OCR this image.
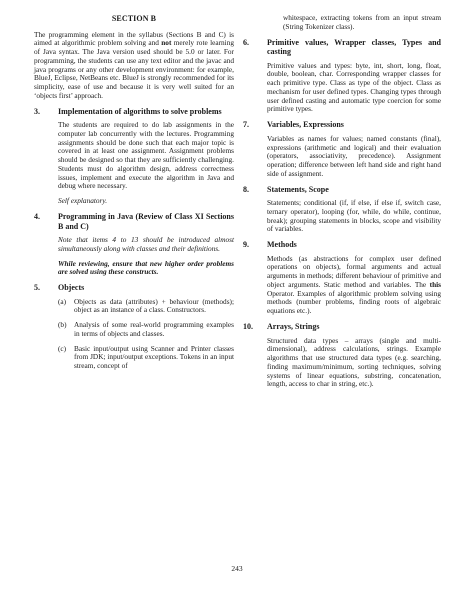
SECTION B

The programming element in the syllabus (Sections B and C) is aimed at algorithmic problem solving and not merely rote learning of Java syntax. The Java version used should be 5.0 or later. For programming, the students can use any text editor and the javac and java programs or any other development environment: for example, BlueJ, Eclipse, NetBeans etc. BlueJ is strongly recommended for its simplicity, ease of use and because it is very well suited for an ‘objects first’ approach.

3.	Implementation of algorithms to solve problems

The students are required to do lab assignments in the computer lab concurrently with the lectures. Programming assignments should be done such that each major topic is covered in at least one assignment. Assignment problems should be designed so that they are sufficiently challenging. Students must do algorithm design, address correctness issues, implement and execute the algorithm in Java and debug where necessary.

Self explanatory.

4.	Programming in Java (Review of Class XI Sections B and C)

Note that items 4 to 13 should be introduced almost simultaneously along with classes and their definitions.

While reviewing, ensure that new higher order problems are solved using these constructs.

5.	Objects
(a)	Objects as data (attributes) + behaviour (methods); object as an instance of a class. Constructors.
(b)	Analysis of some real-world programming examples in terms of objects and classes.
(c)	Basic input/output using Scanner and Printer classes from JDK; input/output exceptions. Tokens in an input stream, concept of

whitespace, extracting tokens from an input stream (String Tokenizer class).

6.	Primitive values, Wrapper classes, Types and casting

Primitive values and types: byte, int, short, long, float, double, boolean, char. Corresponding wrapper classes for each primitive type. Class as type of the object. Class as mechanism for user defined types. Changing types through user defined casting and automatic type coercion for some primitive types.

7.	Variables, Expressions

Variables as names for values; named constants (final), expressions (arithmetic and logical) and their evaluation (operators, associativity, precedence). Assignment operation; difference between left hand side and right hand side of assignment.

8.	Statements, Scope

Statements; conditional (if, if else, if else if, switch case, ternary operator), looping (for, while, do while, continue, break); grouping statements in blocks, scope and visibility of variables.

9.	Methods

Methods (as abstractions for complex user defined operations on objects), formal arguments and actual arguments in methods; different behaviour of primitive and object arguments. Static method and variables. The this Operator. Examples of algorithmic problem solving using methods (number problems, finding roots of algebraic equations etc.).

10.	Arrays, Strings

Structured data types – arrays (single and multi-dimensional), address calculations, strings. Example algorithms that use structured data types (e.g. searching, finding maximum/minimum, sorting techniques, solving systems of linear equations, substring, concatenation, length, access to char in string, etc.).

243
